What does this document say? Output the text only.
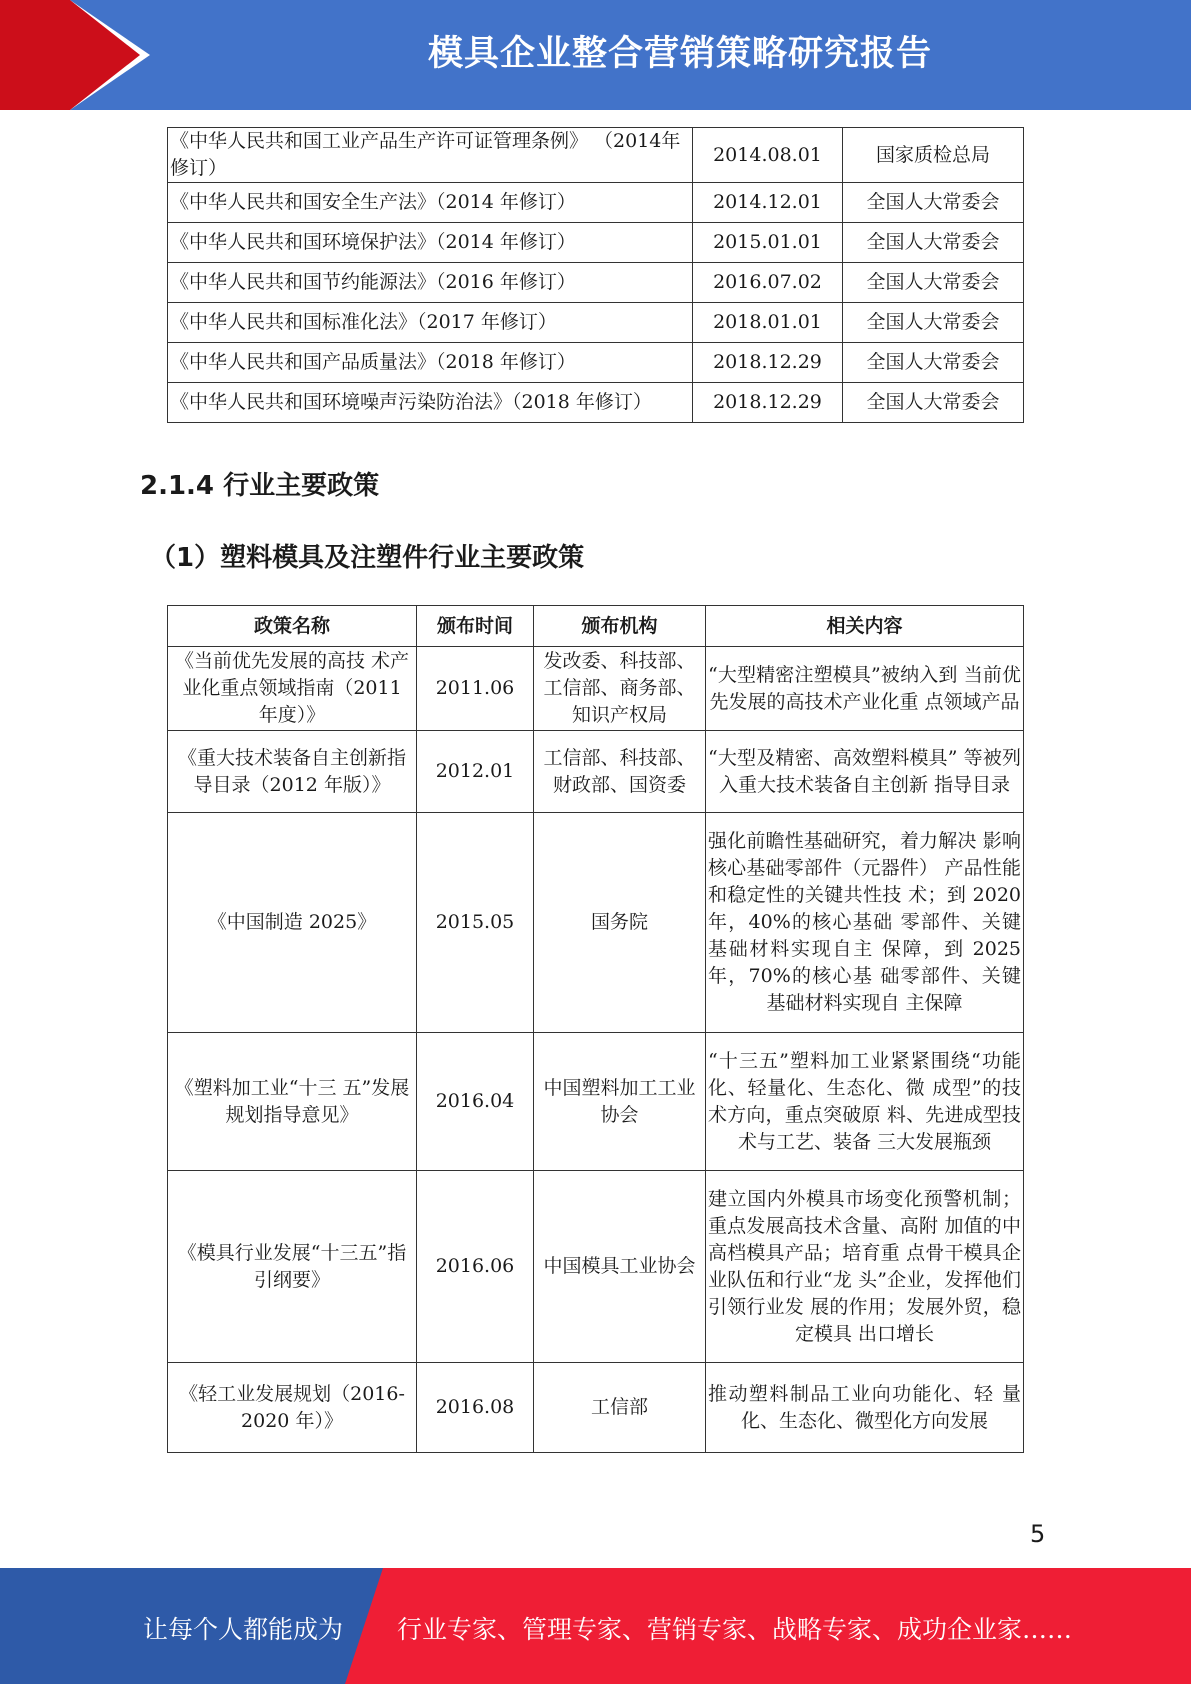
模具企业整合营销策略研究报告
《中华人民共和国工业产品生产许可证管理条例》 （2014年修订）	2014.08.01	国家质检总局
《中华人民共和国安全生产法》（2014 年修订）	2014.12.01	全国人大常委会
《中华人民共和国环境保护法》（2014 年修订）	2015.01.01	全国人大常委会
《中华人民共和国节约能源法》（2016 年修订）	2016.07.02	全国人大常委会
《中华人民共和国标准化法》（2017 年修订）	2018.01.01	全国人大常委会
《中华人民共和国产品质量法》（2018 年修订）	2018.12.29	全国人大常委会
《中华人民共和国环境噪声污染防治法》（2018 年修订）	2018.12.29	全国人大常委会
2.1.4 行业主要政策
（1）塑料模具及注塑件行业主要政策
政策名称	颁布时间	颁布机构	相关内容
《当前优先发展的高技 术产业化重点领域指南（2011 年度）》	2011.06	发改委、科技部、工信部、商务部、知识产权局	“大型精密注塑模具”被纳入到 当前优先发展的高技术产业化重 点领域产品
《重大技术装备自主创新指导目录（2012 年版）》	2012.01	工信部、科技部、财政部、国资委	“大型及精密、高效塑料模具” 等被列入重大技术装备自主创新 指导目录
《中国制造 2025》	2015.05	国务院	强化前瞻性基础研究，着力解决 影响核心基础零部件（元器件） 产品性能和稳定性的关键共性技 术；到 2020 年，40%的核心基础 零部件、关键基础材料实现自主 保障，到 2025 年，70%的核心基 础零部件、关键基础材料实现自 主保障
《塑料加工业“十三 五”发展规划指导意见》	2016.04	中国塑料加工工业协会	“十三五”塑料加工业紧紧围绕“功能化、轻量化、生态化、微 成型”的技术方向，重点突破原 料、先进成型技术与工艺、装备 三大发展瓶颈
《模具行业发展“十三五”指引纲要》	2016.06	中国模具工业协会	建立国内外模具市场变化预警机制；重点发展高技术含量、高附 加值的中高档模具产品；培育重 点骨干模具企业队伍和行业“龙 头”企业，发挥他们引领行业发 展的作用；发展外贸，稳定模具 出口增长
《轻工业发展规划（2016-2020 年）》	2016.08	工信部	推动塑料制品工业向功能化、轻 量化、生态化、微型化方向发展
5
让每个人都能成为 行业专家、管理专家、营销专家、战略专家、成功企业家……
